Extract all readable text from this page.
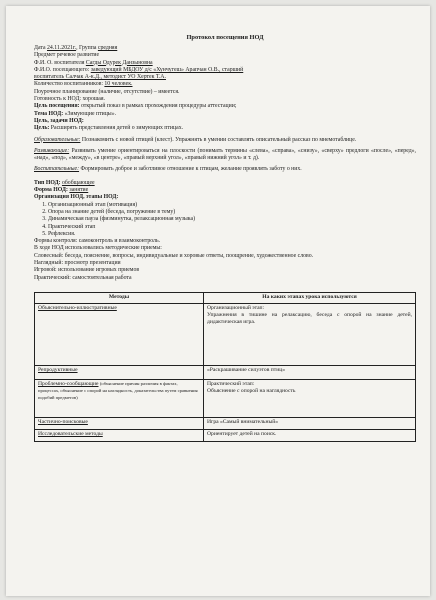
Протокол посещения НОД
Дата 24.11.2021г., Группа средняя
Предмет речевое развитие
Ф.И. О. воспитателя Сагды Одурек Данзыновна
Ф.И.О. посещающего: заведующий МБДОУ д/с «Хунчугеш» Арапчан О.В., старший
воспитатель Салчак А-к.Д., методист УО Хертек Т.А.
Количество воспитанников: 10 человек.
Поурочное планирование (наличие, отсутствие) – имеется.
Готовность к НОД: хорошая.
Цель посещения: открытый показ в рамках прохождения процедуры аттестации;
Тема НОД: «Зимующие птицы».
Цель, задачи НОД:
Цель: Расширять представления детей о зимующих птицах.
Образовательные: Познакомить с новой птицей (клест). Упражнять в умении составлять описательный рассказ по мнемотаблице.
Развивающие: Развивать умение ориентироваться на плоскости (понимать термины «слева», «справа», «снизу», «сверху» предлоги «после», «перед», «над», «под», «между», «в центре», «правый верхний угол», «правый нижний угол» и т. д).
Воспитательные: Формировать доброе и заботливое отношение к птицам, желание проявлять заботу о них.
Тип НОД: обобщающее
Форма НОД: занятие
Организация НОД, этапы НОД:
1. Организационный этап (мотивация)
2. Опора на знание детей (беседа, погружение в тему)
3. Динамическая пауза (физминутка, релаксационная музыка)
4. Практический этап
5. Рефлексия.
Формы контроля: самоконтроль и взаимоконтроль.
В ходе НОД использовались методические приемы:
Словесный: беседа, пояснение, вопросы, индивидуальные и хоровые ответы, поощрение, художественное слово.
Наглядный: просмотр презентации
Игровой: использование игровых приемов
Практический: самостоятельная работа
Методы	На каких этапах урока используются
Объяснительно-иллюстративные	Организационный этап:
Упражнения в тишине на релаксацию, беседа с опорой на знание детей, дидактическая игра.

Репродуктивные	«Раскрашивание силуэтов птиц»
Проблемно-сообщающие (объяснение причин различия в фактах, процессах, объяснение с опорой на наглядность, доказательства путем сравнения подобий предметов)	Практический этап:
Объяснение с опорой на наглядность

Частично-поисковые	Игра «Самый внимательный»
Исследовательские методы	Ориентирует детей на поиск.
